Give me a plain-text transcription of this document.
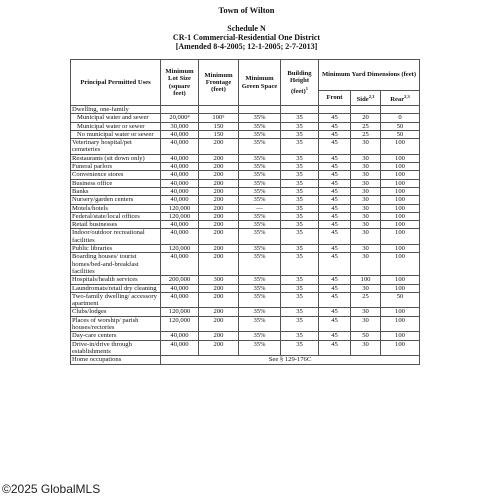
Town of Wilton
Schedule N
CR-1 Commercial-Residential One District
[Amended 8-4-2005; 12-1-2005; 2-7-2013]
Principal Permitted Uses	Minimum Lot Size (square feet)	Minimum Frontage (feet)	Minimum Green Space	Building Height (feet)$^1$	Minimum Yard Dimensions (feet)		
					Front	Side$^{2,3}$	Rear$^{2,3}$
Dwelling, one-family							
Municipal water and sewer	20,000⁴	100⁵	35%	35	45	20	0
Municipal water or sewer	30,000	150	35%	35	45	25	50
No municipal water or sewer	40,000	150	35%	35	45	25	50
Veterinary hospital/pet cemeteries	40,000	200	35%	35	45	30	100
Restaurants (sit down only)	40,000	200	35%	35	45	30	100
Funeral parlors	40,000	200	35%	35	45	30	100
Convenience stores	40,000	200	35%	35	45	30	100
Business office	40,000	200	35%	35	45	30	100
Banks	40,000	200	35%	35	45	30	100
Nursery/garden centers	40,000	200	35%	35	45	30	100
Motels/hotels	120,000	200	—	35	45	30	100
Federal/state/local offices	120,000	200	35%	35	45	30	100
Retail businesses	40,000	200	35%	35	45	30	100
Indoor/outdoor recreational facilities	40,000	200	35%	35	45	30	100
Public libraries	120,000	200	35%	35	45	30	100
Boarding houses/ tourist homes/bed-and-breakfast facilities	40,000	200	35%	35	45	30	100
Hospitals/health services	200,000	300	35%	35	45	100	100
Laundromats/retail dry cleaning	40,000	200	35%	35	45	30	100
Two-family dwelling/ accessory apartment	40,000	200	35%	35	45	25	50
Clubs/lodges	120,000	200	35%	35	45	30	100
Places of worship/ parish houses/rectories	120,000	200	35%	35	45	30	100
Day-care centers	40,000	200	35%	35	45	50	100
Drive-in/drive through establishments	40,000	200	35%	35	45	30	100
Home occupations	See § 129-176C						
©2025 GlobalMLS
